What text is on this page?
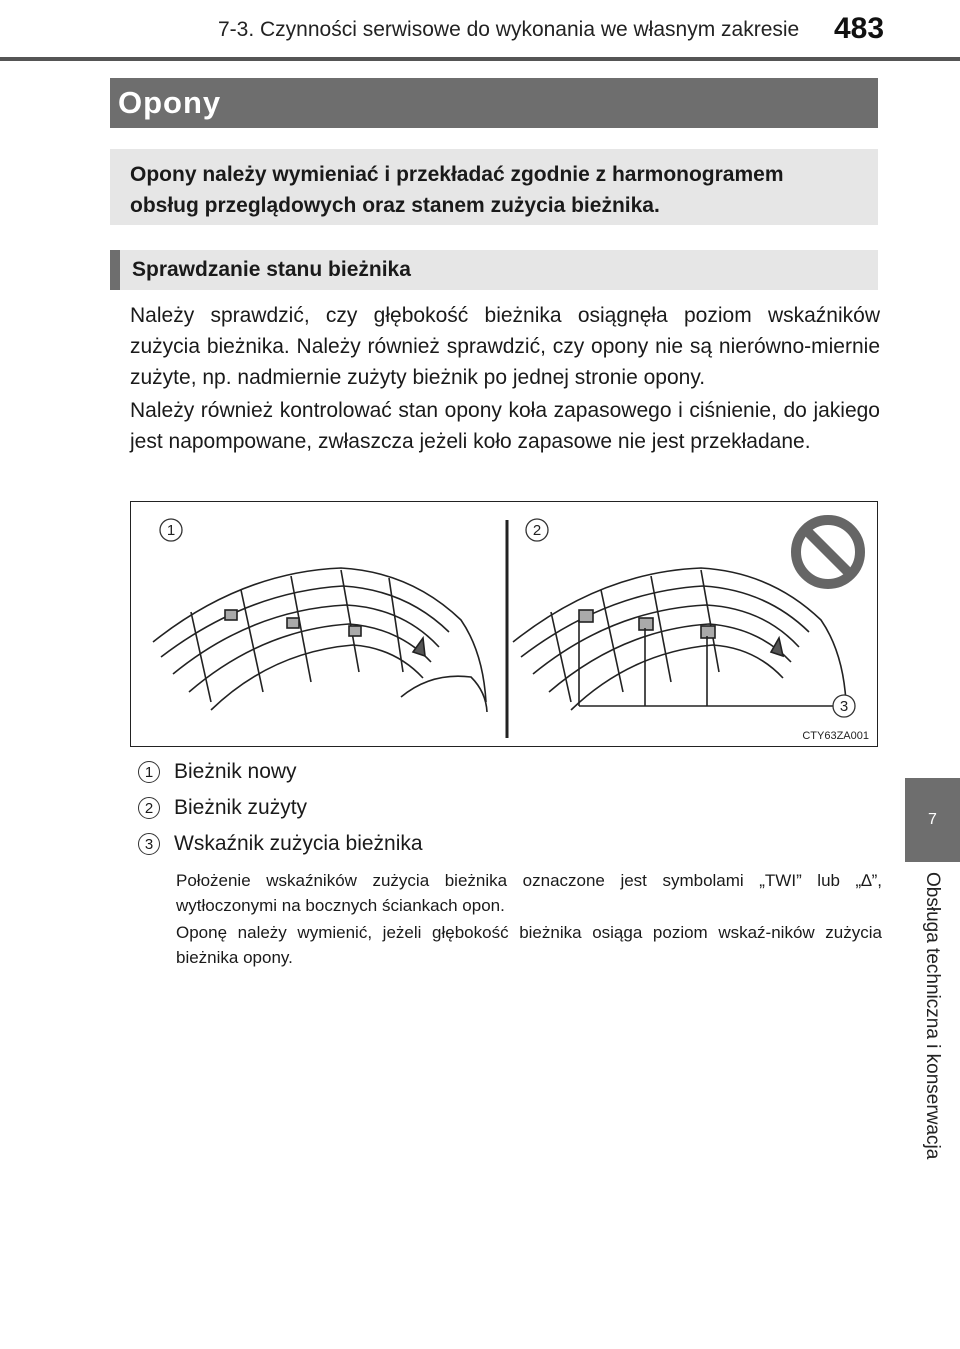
7-3. Czynności serwisowe do wykonania we własnym zakresie 483
Opony
Opony należy wymieniać i przekładać zgodnie z harmonogramem obsług przeglądowych oraz stanem zużycia bieżnika.
Sprawdzanie stanu bieżnika
Należy sprawdzić, czy głębokość bieżnika osiągnęła poziom wskaźników zużycia bieżnika. Należy również sprawdzić, czy opony nie są nierówno-miernie zużyte, np. nadmiernie zużyty bieżnik po jednej stronie opony.
Należy również kontrolować stan opony koła zapasowego i ciśnienie, do jakiego jest napompowane, zwłaszcza jeżeli koło zapasowe nie jest przekładane.
1	2
3
CTY63ZA001
1 Bieżnik nowy
2 Bieżnik zużyty
3 Wskaźnik zużycia bieżnika
Położenie wskaźników zużycia bieżnika oznaczone jest symbolami „TWI” lub „∆”, wytłoczonymi na bocznych ściankach opon.
Oponę należy wymienić, jeżeli głębokość bieżnika osiąga poziom wskaź-ników zużycia bieżnika opony.
7
Obsługa techniczna i konserwacja
